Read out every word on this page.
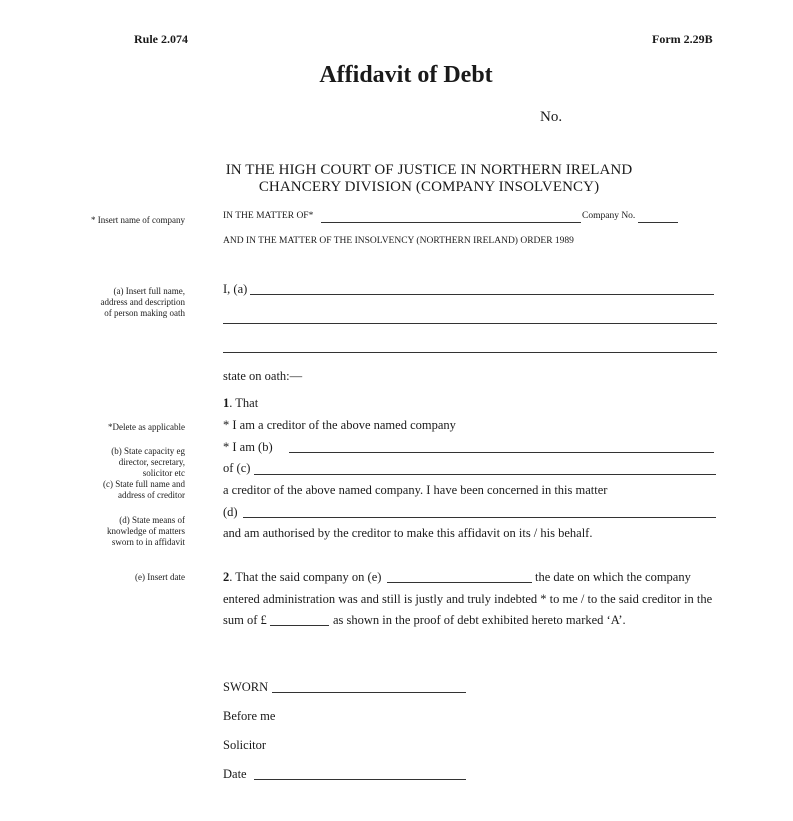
Rule 2.074	Form 2.29B
Affidavit of Debt
No.
IN THE HIGH COURT OF JUSTICE IN NORTHERN IRELAND
CHANCERY DIVISION (COMPANY INSOLVENCY)
IN THE MATTER OF*	Company No.
AND IN THE MATTER OF THE INSOLVENCY (NORTHERN IRELAND) ORDER 1989
* Insert name of company
(a) Insert full name,
address and description
of person making oath
*Delete as applicable
(b) State capacity eg
director, secretary,
solicitor etc
(c) State full name and
address of creditor
(d) State means of
knowledge of matters
sworn to in affidavit
(e) Insert date
I, (a)
state on oath:—
1. That
* I am a creditor of the above named company
* I am (b)
of (c)
a creditor of the above named company. I have been concerned in this matter
(d)
and am authorised by the creditor to make this affidavit on its / his behalf.
2. That the said company on (e)	the date on which the company
entered administration was and still is justly and truly indebted * to me / to the said creditor in the
sum of £	as shown in the proof of debt exhibited hereto marked ‘A’.
SWORN
Before me
Solicitor
Date
